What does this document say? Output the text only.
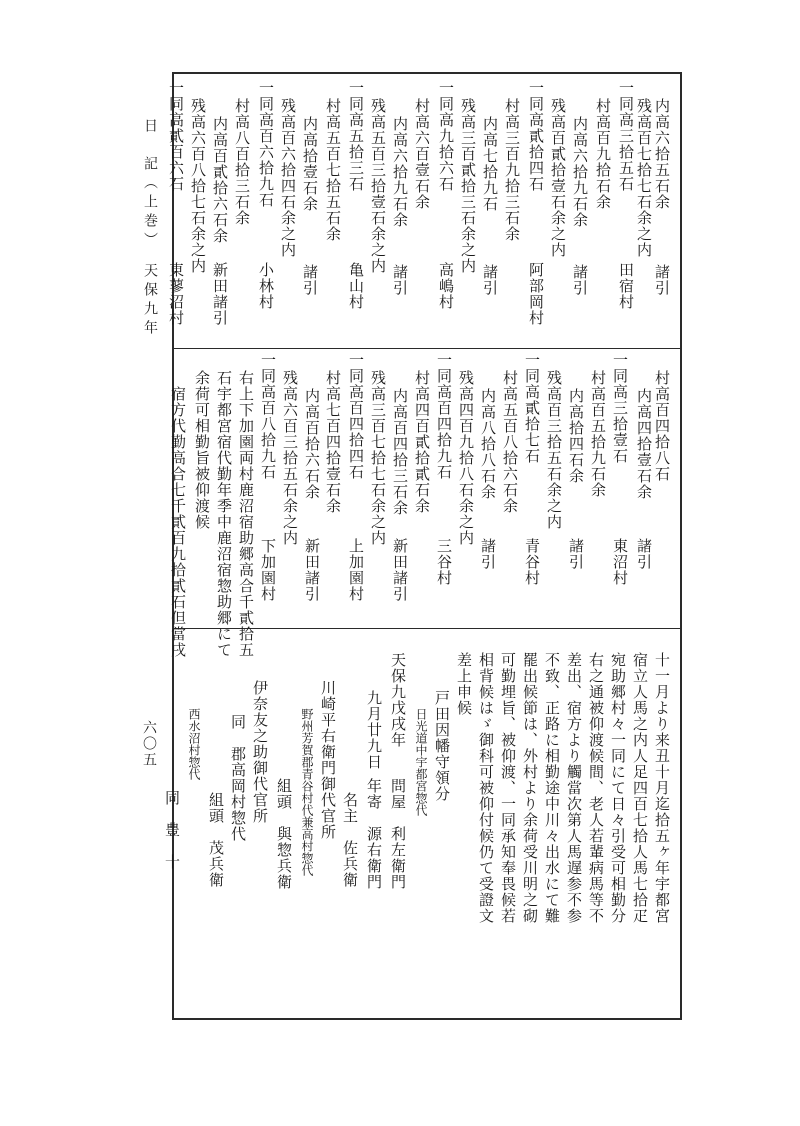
日　記（上巻）　天保九年
六〇五
内高六拾五石余
残高百七拾七石余之内
諸引
一同高三拾五石
田宿村
村高百九拾石余
内高六拾九石余
諸引
残高百貳拾壹石余之内
一同高貳拾四石
阿部岡村
村高三百九拾三石余
内高七拾九石
諸引
残高三百貳拾三石余之内
一同高九拾六石
高嶋村
村高六百壹石余
内高六拾九石余
諸引
残高五百三拾壹石余之内
一同高五拾三石
亀山村
村高五百七拾五石余
内高拾壹石余
諸引
残高百六拾四石余之内
一同高百六拾九石
小林村
村高八百拾三石余
内高百貳拾六石余
新田諸引
残高六百八拾七石余之内
一同高貳百六石
東蓼沼村
村高百四拾八石
内高四拾壹石余
諸引
一同高三拾壹石
東沼村
村高百五拾九石余
内高拾四石余
諸引
残高百三拾五石余之内
一同高貳拾七石
青谷村
村高五百八拾六石余
内高八拾八石余
諸引
残高四百九拾八石余之内
一同高百四拾九石
三谷村
村高四百貳拾貳石余
内高百四拾三石余
新田諸引
残高三百七拾七石余之内
一同高百四拾四石
上加園村
村高七百四拾壹石余
内高百拾六石余
新田諸引
残高六百三拾五石余之内
一同高百八拾九石
下加園村
右上下加園両村鹿沼宿助郷高合千貳拾五
石宇都宮宿代勤年季中鹿沼宿惣助郷にて
余荷可相勤旨被仰渡候
宿方代勤高合七千貳百九拾貳石但當戌
十一月より来丑十月迄拾五ヶ年宇都宮
宿立人馬之内人足四百七拾人馬七拾疋
宛助郷村々一同にて日々引受可相勤分
右之通被仰渡候間、老人若輩病馬等不
差出、宿方より觸當次第人馬遅参不参
不致、正路に相勤途中川々出水にて難
罷出候節は、外村より余荷受川明之砌
可勤埋旨、被仰渡、一同承知奉畏候若
相背候はゞ御科可被仰付候仍て受證文
差上申候
戸田因幡守領分
日光道中宇都宮惣代
問屋　利左衛門
天保九戊戌年
九月廿九日
年寄　源右衛門
名主　佐兵衛
川崎平右衛門御代官所
野州芳賀郡青谷村代兼高村惣代
組頭　與惣兵衛
伊奈友之助御代官所
同　郡高岡村惣代
組頭　茂兵衛
西水沼村惣代
同　豊　十
